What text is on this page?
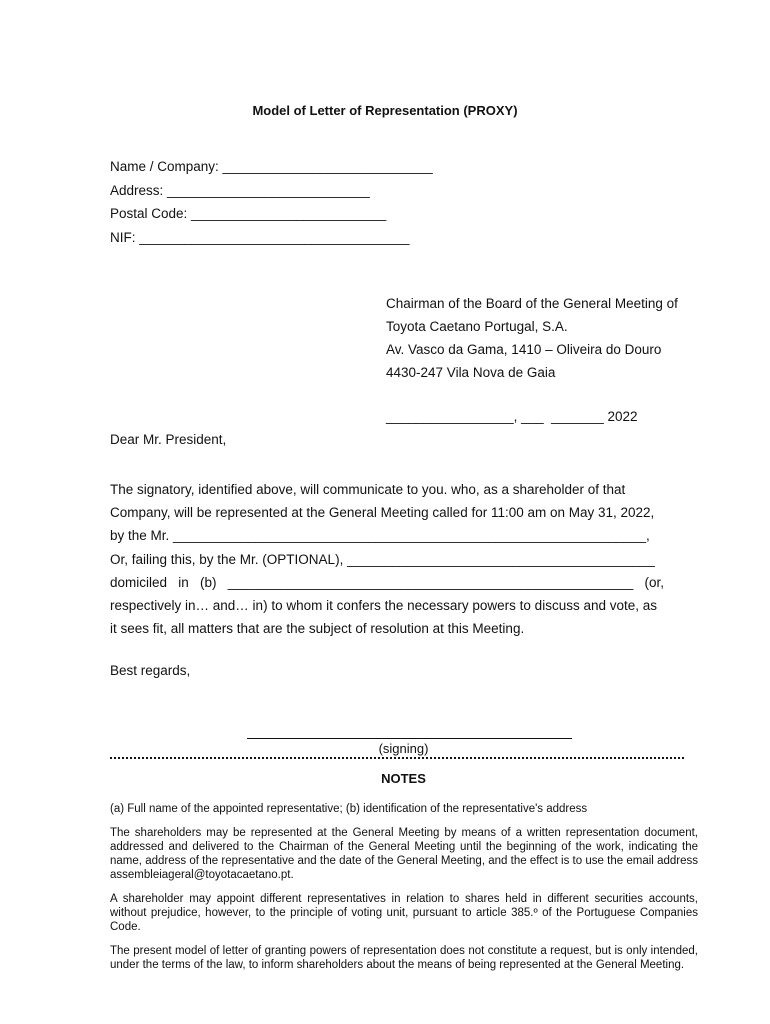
Model of Letter of Representation (PROXY)
Name / Company: ____________________________
Address: ___________________________
Postal Code: __________________________
NIF: ____________________________________
Chairman of the Board of the General Meeting of
Toyota Caetano Portugal, S.A.
Av. Vasco da Gama, 1410 – Oliveira do Douro
4430-247 Vila Nova de Gaia
_________________, ___  _______ 2022
Dear Mr. President,
The signatory, identified above, will communicate to you. who, as a shareholder of that
Company, will be represented at the General Meeting called for 11:00 am on May 31, 2022,
by the Mr. _______________________________________________________________,
Or, failing this, by the Mr. (OPTIONAL), _________________________________________
domiciled   in   (b)   ______________________________________________________   (or,
respectively in… and… in) to whom it confers the necessary powers to discuss and vote, as
it sees fit, all matters that are the subject of resolution at this Meeting.
Best regards,
(signing)
NOTES

(a) Full name of the appointed representative; (b) identification of the representative's address

The shareholders may be represented at the General Meeting by means of a written representation document, addressed and delivered to the Chairman of the General Meeting until the beginning of the work, indicating the name, address of the representative and the date of the General Meeting, and the effect is to use the email address assembleiageral@toyotacaetano.pt.

A shareholder may appoint different representatives in relation to shares held in different securities accounts, without prejudice, however, to the principle of voting unit, pursuant to article 385.º of the Portuguese Companies Code.

The present model of letter of granting powers of representation does not constitute a request, but is only intended, under the terms of the law, to inform shareholders about the means of being represented at the General Meeting.
